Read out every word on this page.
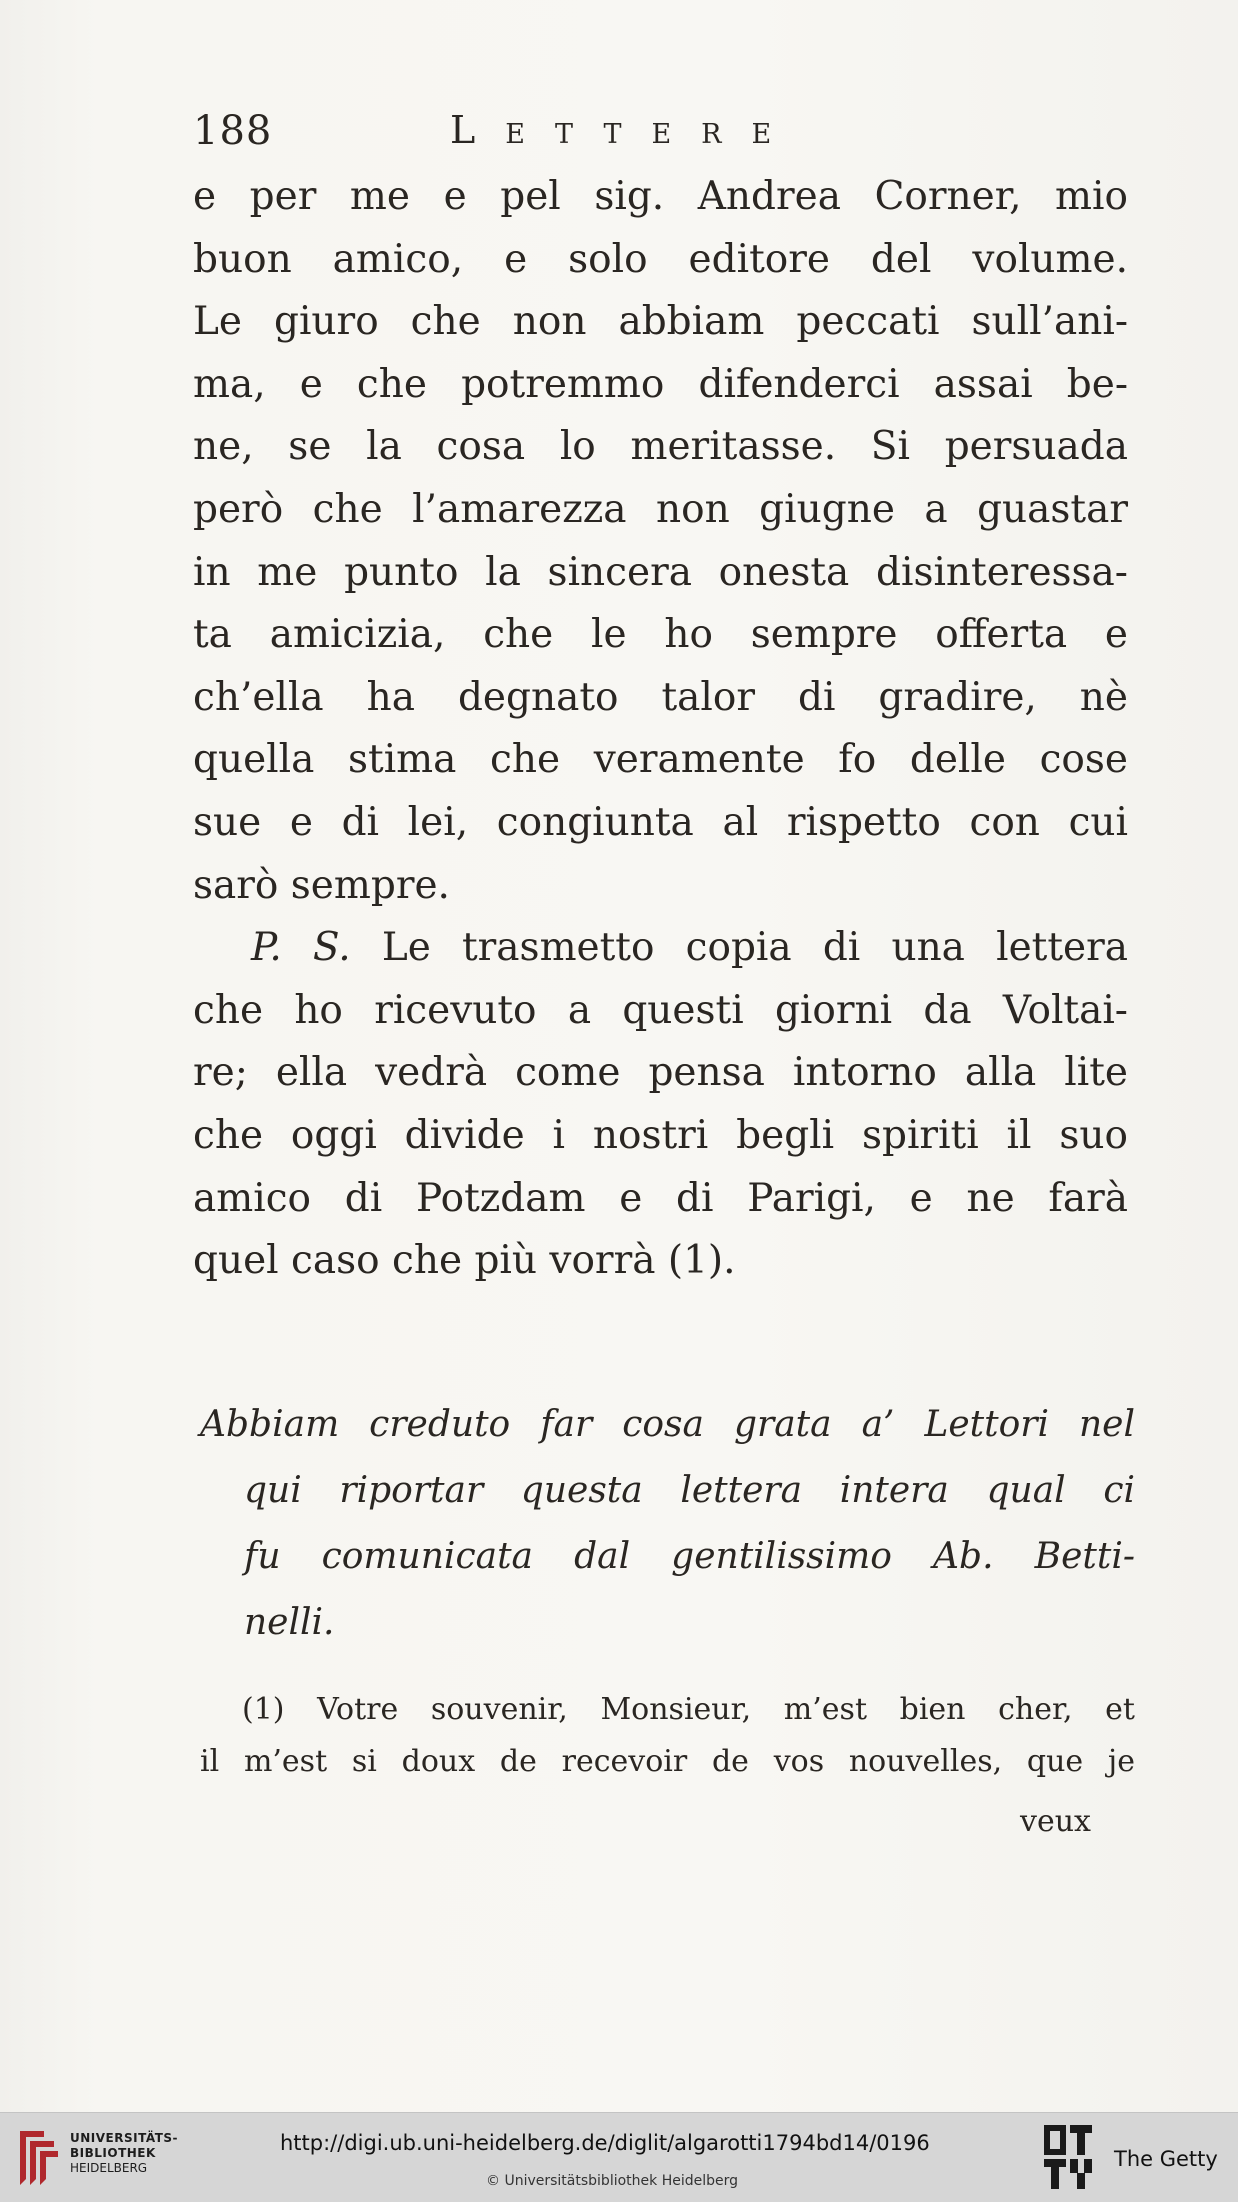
188	Lettere
e per me e pel sig. Andrea Corner, mio
buon amico, e solo editore del volume.
Le giuro che non abbiam peccati sull’ani-
ma, e che potremmo difenderci assai be-
ne, se la cosa lo meritasse. Si persuada
però che l’amarezza non giugne a guastar
in me punto la sincera onesta disinteressa-
ta amicizia, che le ho sempre offerta e
ch’ella ha degnato talor di gradire, nè
quella stima che veramente fo delle cose
sue e di lei, congiunta al rispetto con cui
sarò sempre.
P. S. Le trasmetto copia di una lettera
che ho ricevuto a questi giorni da Voltai-
re; ella vedrà come pensa intorno alla lite
che oggi divide i nostri begli spiriti il suo
amico di Potzdam e di Parigi, e ne farà
quel caso che più vorrà (1).
Abbiam creduto far cosa grata a’ Lettori nel
qui riportar questa lettera intera qual ci
fu comunicata dal gentilissimo Ab. Betti-
nelli.
(1) Votre souvenir, Monsieur, m’est bien cher, et
il m’est si doux de recevoir de vos nouvelles, que je
veux
UNIVERSITÄTS-
BIBLIOTHEK
HEIDELBERG
http://digi.ub.uni-heidelberg.de/diglit/algarotti1794bd14/0196
© Universitätsbibliothek Heidelberg
The Getty
